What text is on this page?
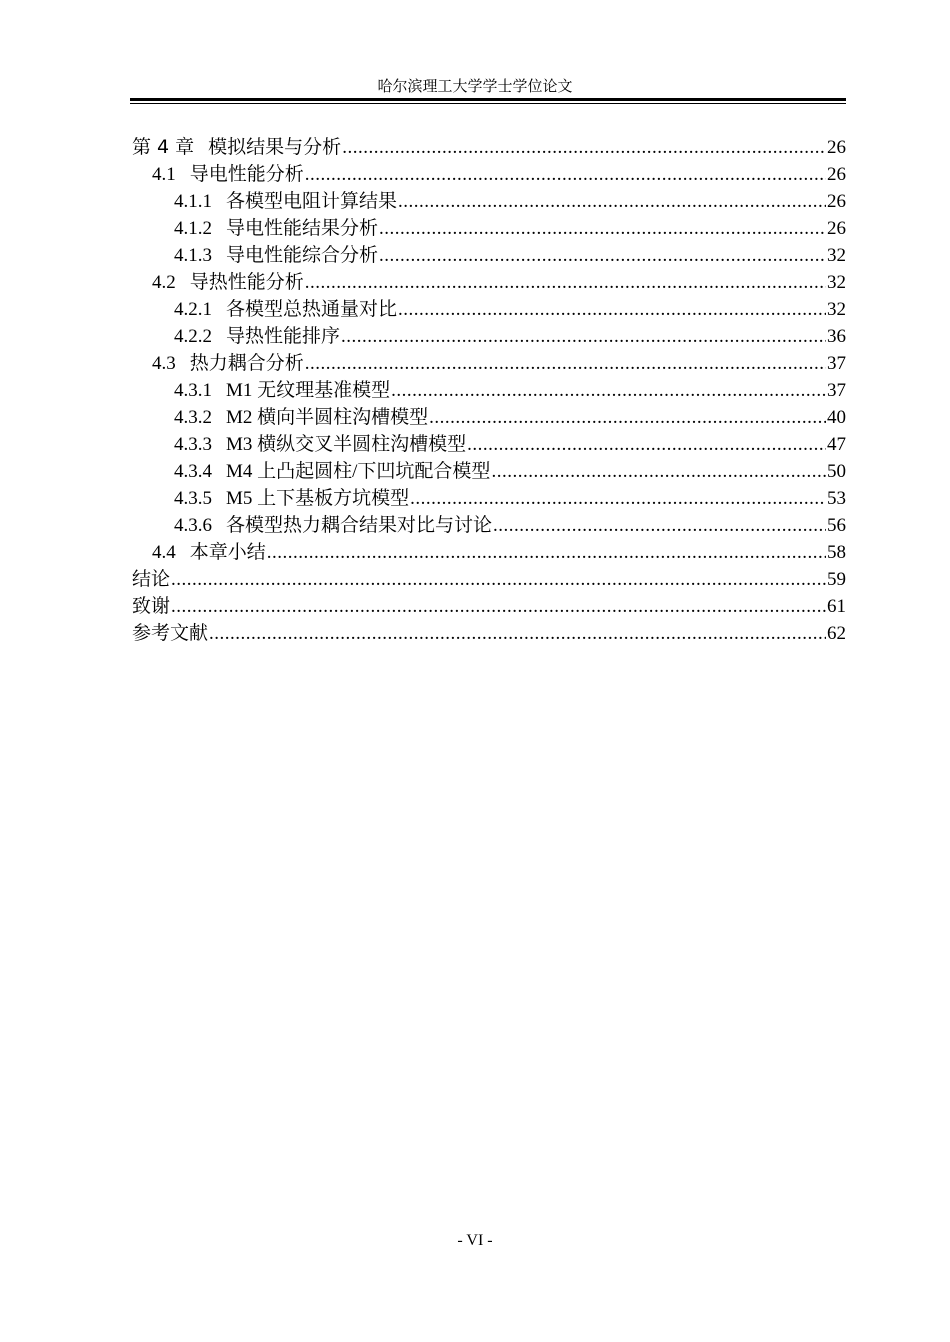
哈尔滨理工大学学士学位论文
第 4 章 模拟结果与分析 .....	26
4.1 导电性能分析 .....	26
4.1.1 各模型电阻计算结果 .....	26
4.1.2 导电性能结果分析 .....	26
4.1.3 导电性能综合分析 .....	32
4.2 导热性能分析 .....	32
4.2.1 各模型总热通量对比 .....	32
4.2.2 导热性能排序 .....	36
4.3 热力耦合分析 .....	37
4.3.1 M1 无纹理基准模型 .....	37
4.3.2 M2 横向半圆柱沟槽模型 .....	40
4.3.3 M3 横纵交叉半圆柱沟槽模型 .....	47
4.3.4 M4 上凸起圆柱/下凹坑配合模型 .....	50
4.3.5 M5 上下基板方坑模型 .....	53
4.3.6 各模型热力耦合结果对比与讨论 .....	56
4.4 本章小结 .....	58
结论 .....	59
致谢 .....	61
参考文献 .....	62
- VI -
